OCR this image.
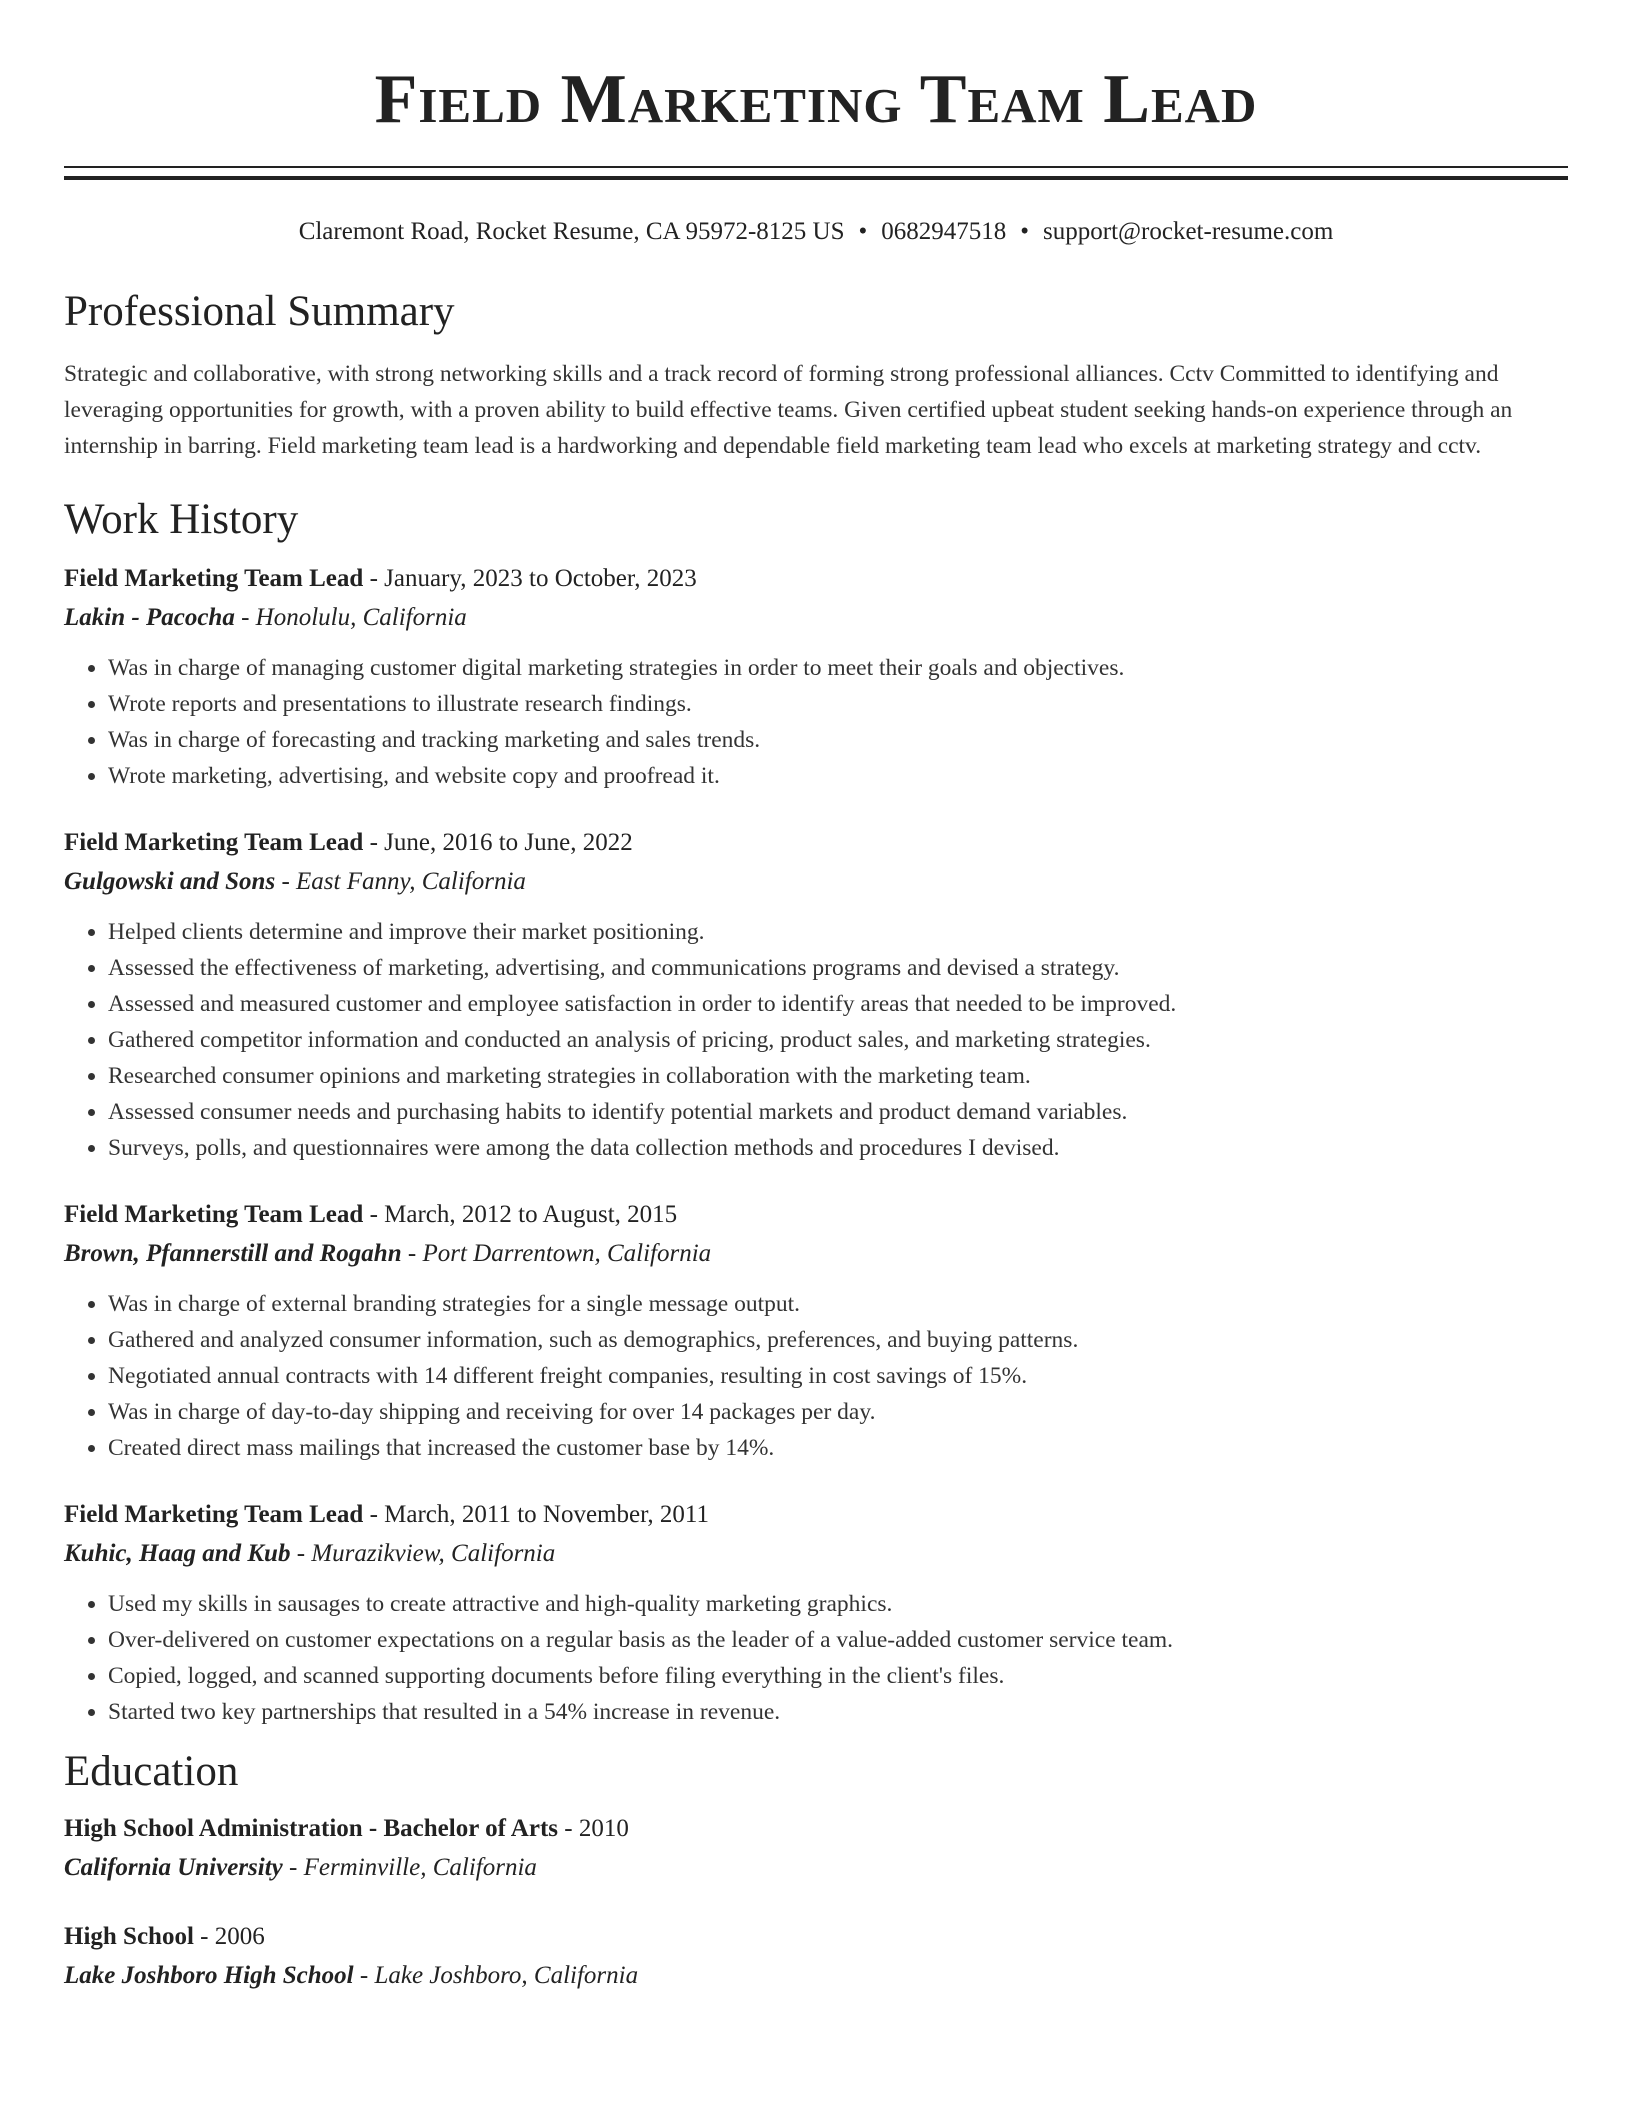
Field Marketing Team Lead
Claremont Road, Rocket Resume, CA 95972-8125 US • 0682947518 • support@rocket-resume.com
Professional Summary
Strategic and collaborative, with strong networking skills and a track record of forming strong professional alliances. Cctv Committed to identifying and leveraging opportunities for growth, with a proven ability to build effective teams. Given certified upbeat student seeking hands-on experience through an internship in barring. Field marketing team lead is a hardworking and dependable field marketing team lead who excels at marketing strategy and cctv.
Work History
Field Marketing Team Lead - January, 2023 to October, 2023
Lakin - Pacocha - Honolulu, California
• Was in charge of managing customer digital marketing strategies in order to meet their goals and objectives.
• Wrote reports and presentations to illustrate research findings.
• Was in charge of forecasting and tracking marketing and sales trends.
• Wrote marketing, advertising, and website copy and proofread it.
Field Marketing Team Lead - June, 2016 to June, 2022
Gulgowski and Sons - East Fanny, California
• Helped clients determine and improve their market positioning.
• Assessed the effectiveness of marketing, advertising, and communications programs and devised a strategy.
• Assessed and measured customer and employee satisfaction in order to identify areas that needed to be improved.
• Gathered competitor information and conducted an analysis of pricing, product sales, and marketing strategies.
• Researched consumer opinions and marketing strategies in collaboration with the marketing team.
• Assessed consumer needs and purchasing habits to identify potential markets and product demand variables.
• Surveys, polls, and questionnaires were among the data collection methods and procedures I devised.
Field Marketing Team Lead - March, 2012 to August, 2015
Brown, Pfannerstill and Rogahn - Port Darrentown, California
• Was in charge of external branding strategies for a single message output.
• Gathered and analyzed consumer information, such as demographics, preferences, and buying patterns.
• Negotiated annual contracts with 14 different freight companies, resulting in cost savings of 15%.
• Was in charge of day-to-day shipping and receiving for over 14 packages per day.
• Created direct mass mailings that increased the customer base by 14%.
Field Marketing Team Lead - March, 2011 to November, 2011
Kuhic, Haag and Kub - Murazikview, California
• Used my skills in sausages to create attractive and high-quality marketing graphics.
• Over-delivered on customer expectations on a regular basis as the leader of a value-added customer service team.
• Copied, logged, and scanned supporting documents before filing everything in the client's files.
• Started two key partnerships that resulted in a 54% increase in revenue.
Education
High School Administration - Bachelor of Arts - 2010
California University - Ferminville, California
High School - 2006
Lake Joshboro High School - Lake Joshboro, California
